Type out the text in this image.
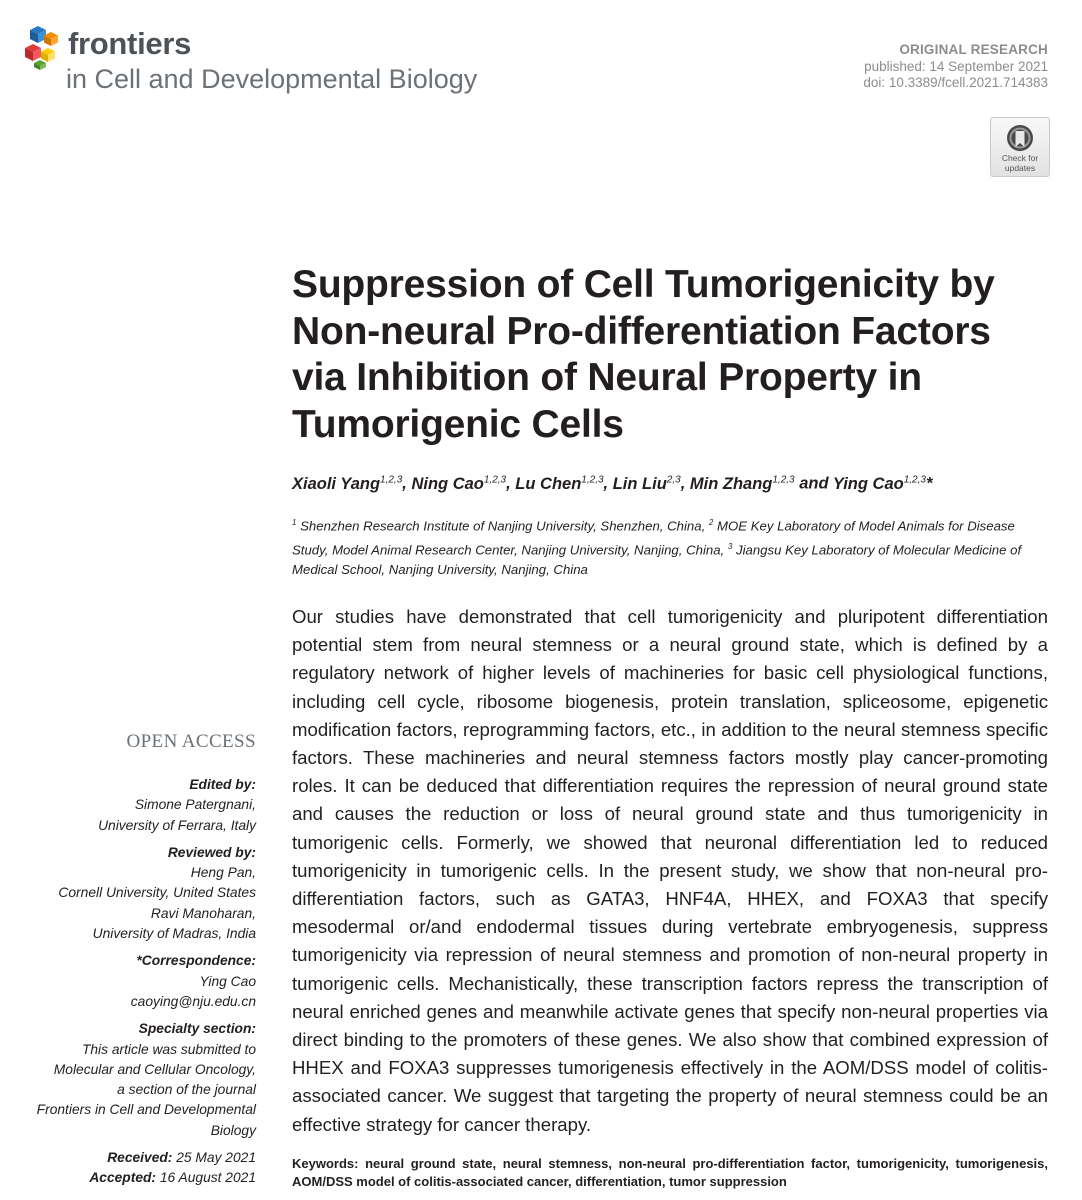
frontiers
in Cell and Developmental Biology
ORIGINAL RESEARCH
published: 14 September 2021
doi: 10.3389/fcell.2021.714383
Check for
updates
Suppression of Cell Tumorigenicity by Non-neural Pro-differentiation Factors via Inhibition of Neural Property in Tumorigenic Cells
Xiaoli Yang$^{1,2,3}$, Ning Cao$^{1,2,3}$, Lu Chen$^{1,2,3}$, Lin Liu$^{2,3}$, Min Zhang$^{1,2,3}$ and Ying Cao$^{1,2,3}$*
$^1$ Shenzhen Research Institute of Nanjing University, Shenzhen, China, $^2$ MOE Key Laboratory of Model Animals for Disease Study, Model Animal Research Center, Nanjing University, Nanjing, China, $^3$ Jiangsu Key Laboratory of Molecular Medicine of Medical School, Nanjing University, Nanjing, China

Our studies have demonstrated that cell tumorigenicity and pluripotent differentiation potential stem from neural stemness or a neural ground state, which is defined by a regulatory network of higher levels of machineries for basic cell physiological functions, including cell cycle, ribosome biogenesis, protein translation, spliceosome, epigenetic modification factors, reprogramming factors, etc., in addition to the neural stemness specific factors. These machineries and neural stemness factors mostly play cancer-promoting roles. It can be deduced that differentiation requires the repression of neural ground state and causes the reduction or loss of neural ground state and thus tumorigenicity in tumorigenic cells. Formerly, we showed that neuronal differentiation led to reduced tumorigenicity in tumorigenic cells. In the present study, we show that non-neural pro-differentiation factors, such as GATA3, HNF4A, HHEX, and FOXA3 that specify mesodermal or/and endodermal tissues during vertebrate embryogenesis, suppress tumorigenicity via repression of neural stemness and promotion of non-neural property in tumorigenic cells. Mechanistically, these transcription factors repress the transcription of neural enriched genes and meanwhile activate genes that specify non-neural properties via direct binding to the promoters of these genes. We also show that combined expression of HHEX and FOXA3 suppresses tumorigenesis effectively in the AOM/DSS model of colitis-associated cancer. We suggest that targeting the property of neural stemness could be an effective strategy for cancer therapy.

Keywords: neural ground state, neural stemness, non-neural pro-differentiation factor, tumorigenicity, tumorigenesis, AOM/DSS model of colitis-associated cancer, differentiation, tumor suppression
OPEN ACCESS
Edited by:
Simone Patergnani,
University of Ferrara, Italy
Reviewed by:
Heng Pan,
Cornell University, United States
Ravi Manoharan,
University of Madras, India
*Correspondence:
Ying Cao
caoying@nju.edu.cn
Specialty section:
This article was submitted to
Molecular and Cellular Oncology,
a section of the journal
Frontiers in Cell and Developmental
Biology
Received: 25 May 2021
Accepted: 16 August 2021
